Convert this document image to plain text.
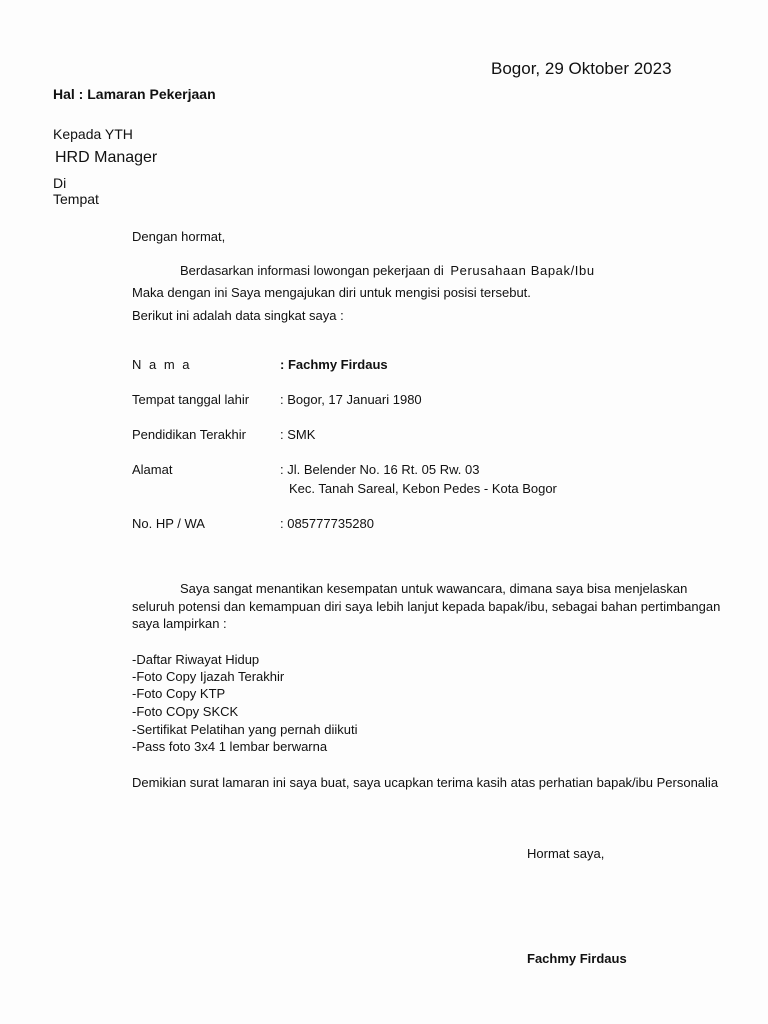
Bogor, 29 Oktober 2023
Hal : Lamaran Pekerjaan
Kepada YTH
HRD Manager
Di
Tempat
Dengan hormat,
Berdasarkan informasi lowongan pekerjaan di Perusahaan Bapak/Ibu
Maka dengan ini Saya mengajukan diri untuk mengisi posisi tersebut.
Berikut ini adalah data singkat saya :
N a m a	: Fachmy Firdaus
Tempat tanggal lahir : Bogor, 17 Januari 1980
Pendidikan Terakhir	: SMK
Alamat	: Jl. Belender No. 16 Rt. 05 Rw. 03
Kec. Tanah Sareal, Kebon Pedes - Kota Bogor
No. HP / WA	: 085777735280
Saya sangat menantikan kesempatan untuk wawancara, dimana saya bisa menjelaskan
seluruh potensi dan kemampuan diri saya lebih lanjut kepada bapak/ibu, sebagai bahan pertimbangan
saya lampirkan :
-Daftar Riwayat Hidup
-Foto Copy Ijazah Terakhir
-Foto Copy KTP
-Foto COpy SKCK
-Sertifikat Pelatihan yang pernah diikuti
-Pass foto 3x4 1 lembar berwarna
Demikian surat lamaran ini saya buat, saya ucapkan terima kasih atas perhatian bapak/ibu Personalia
Hormat saya,
Fachmy Firdaus
